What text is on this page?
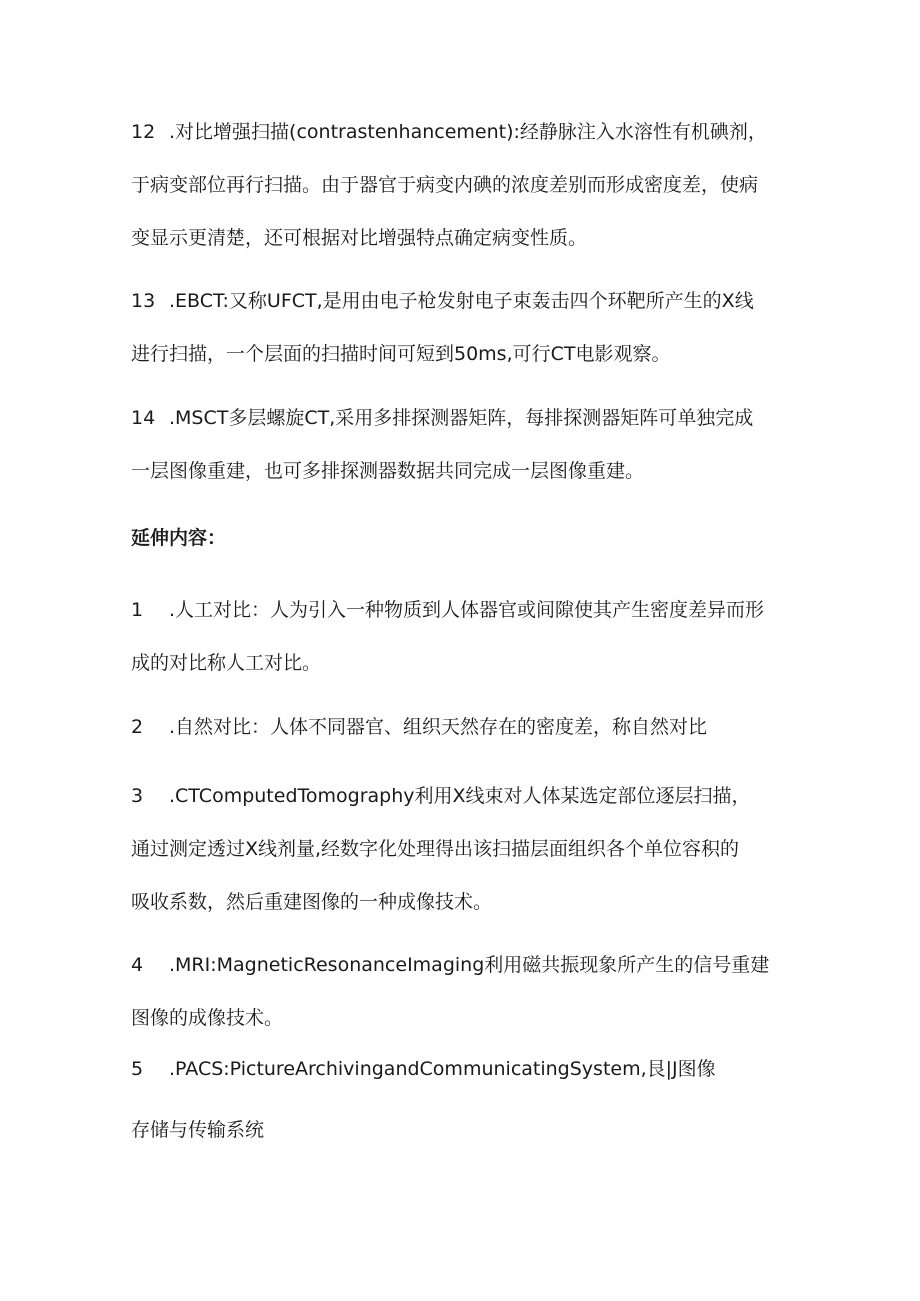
12 .对比增强扫描(contrastenhancement):经静脉注入水溶性有机碘剂，
于病变部位再行扫描。由于器官于病变内碘的浓度差别而形成密度差，使病
变显示更清楚，还可根据对比增强特点确定病变性质。

13 .EBCT:又称UFCT,是用由电子枪发射电子束轰击四个环靶所产生的X线
进行扫描，一个层面的扫描时间可短到50ms,可行CT电影观察。

14 .MSCT多层螺旋CT,采用多排探测器矩阵，每排探测器矩阵可单独完成
一层图像重建，也可多排探测器数据共同完成一层图像重建。

延伸内容：

1 .人工对比：人为引入一种物质到人体器官或间隙使其产生密度差异而形
成的对比称人工对比。

2 .自然对比：人体不同器官、组织天然存在的密度差，称自然对比

3 .CTComputedTomography利用X线束对人体某选定部位逐层扫描，
通过测定透过X线剂量,经数字化处理得出该扫描层面组织各个单位容积的
吸收系数，然后重建图像的一种成像技术。

4 .MRI:MagneticResonanceImaging利用磁共振现象所产生的信号重建
图像的成像技术。

5 .PACS:PictureArchivingandCommunicatingSystem,艮|J图像

存储与传输系统
